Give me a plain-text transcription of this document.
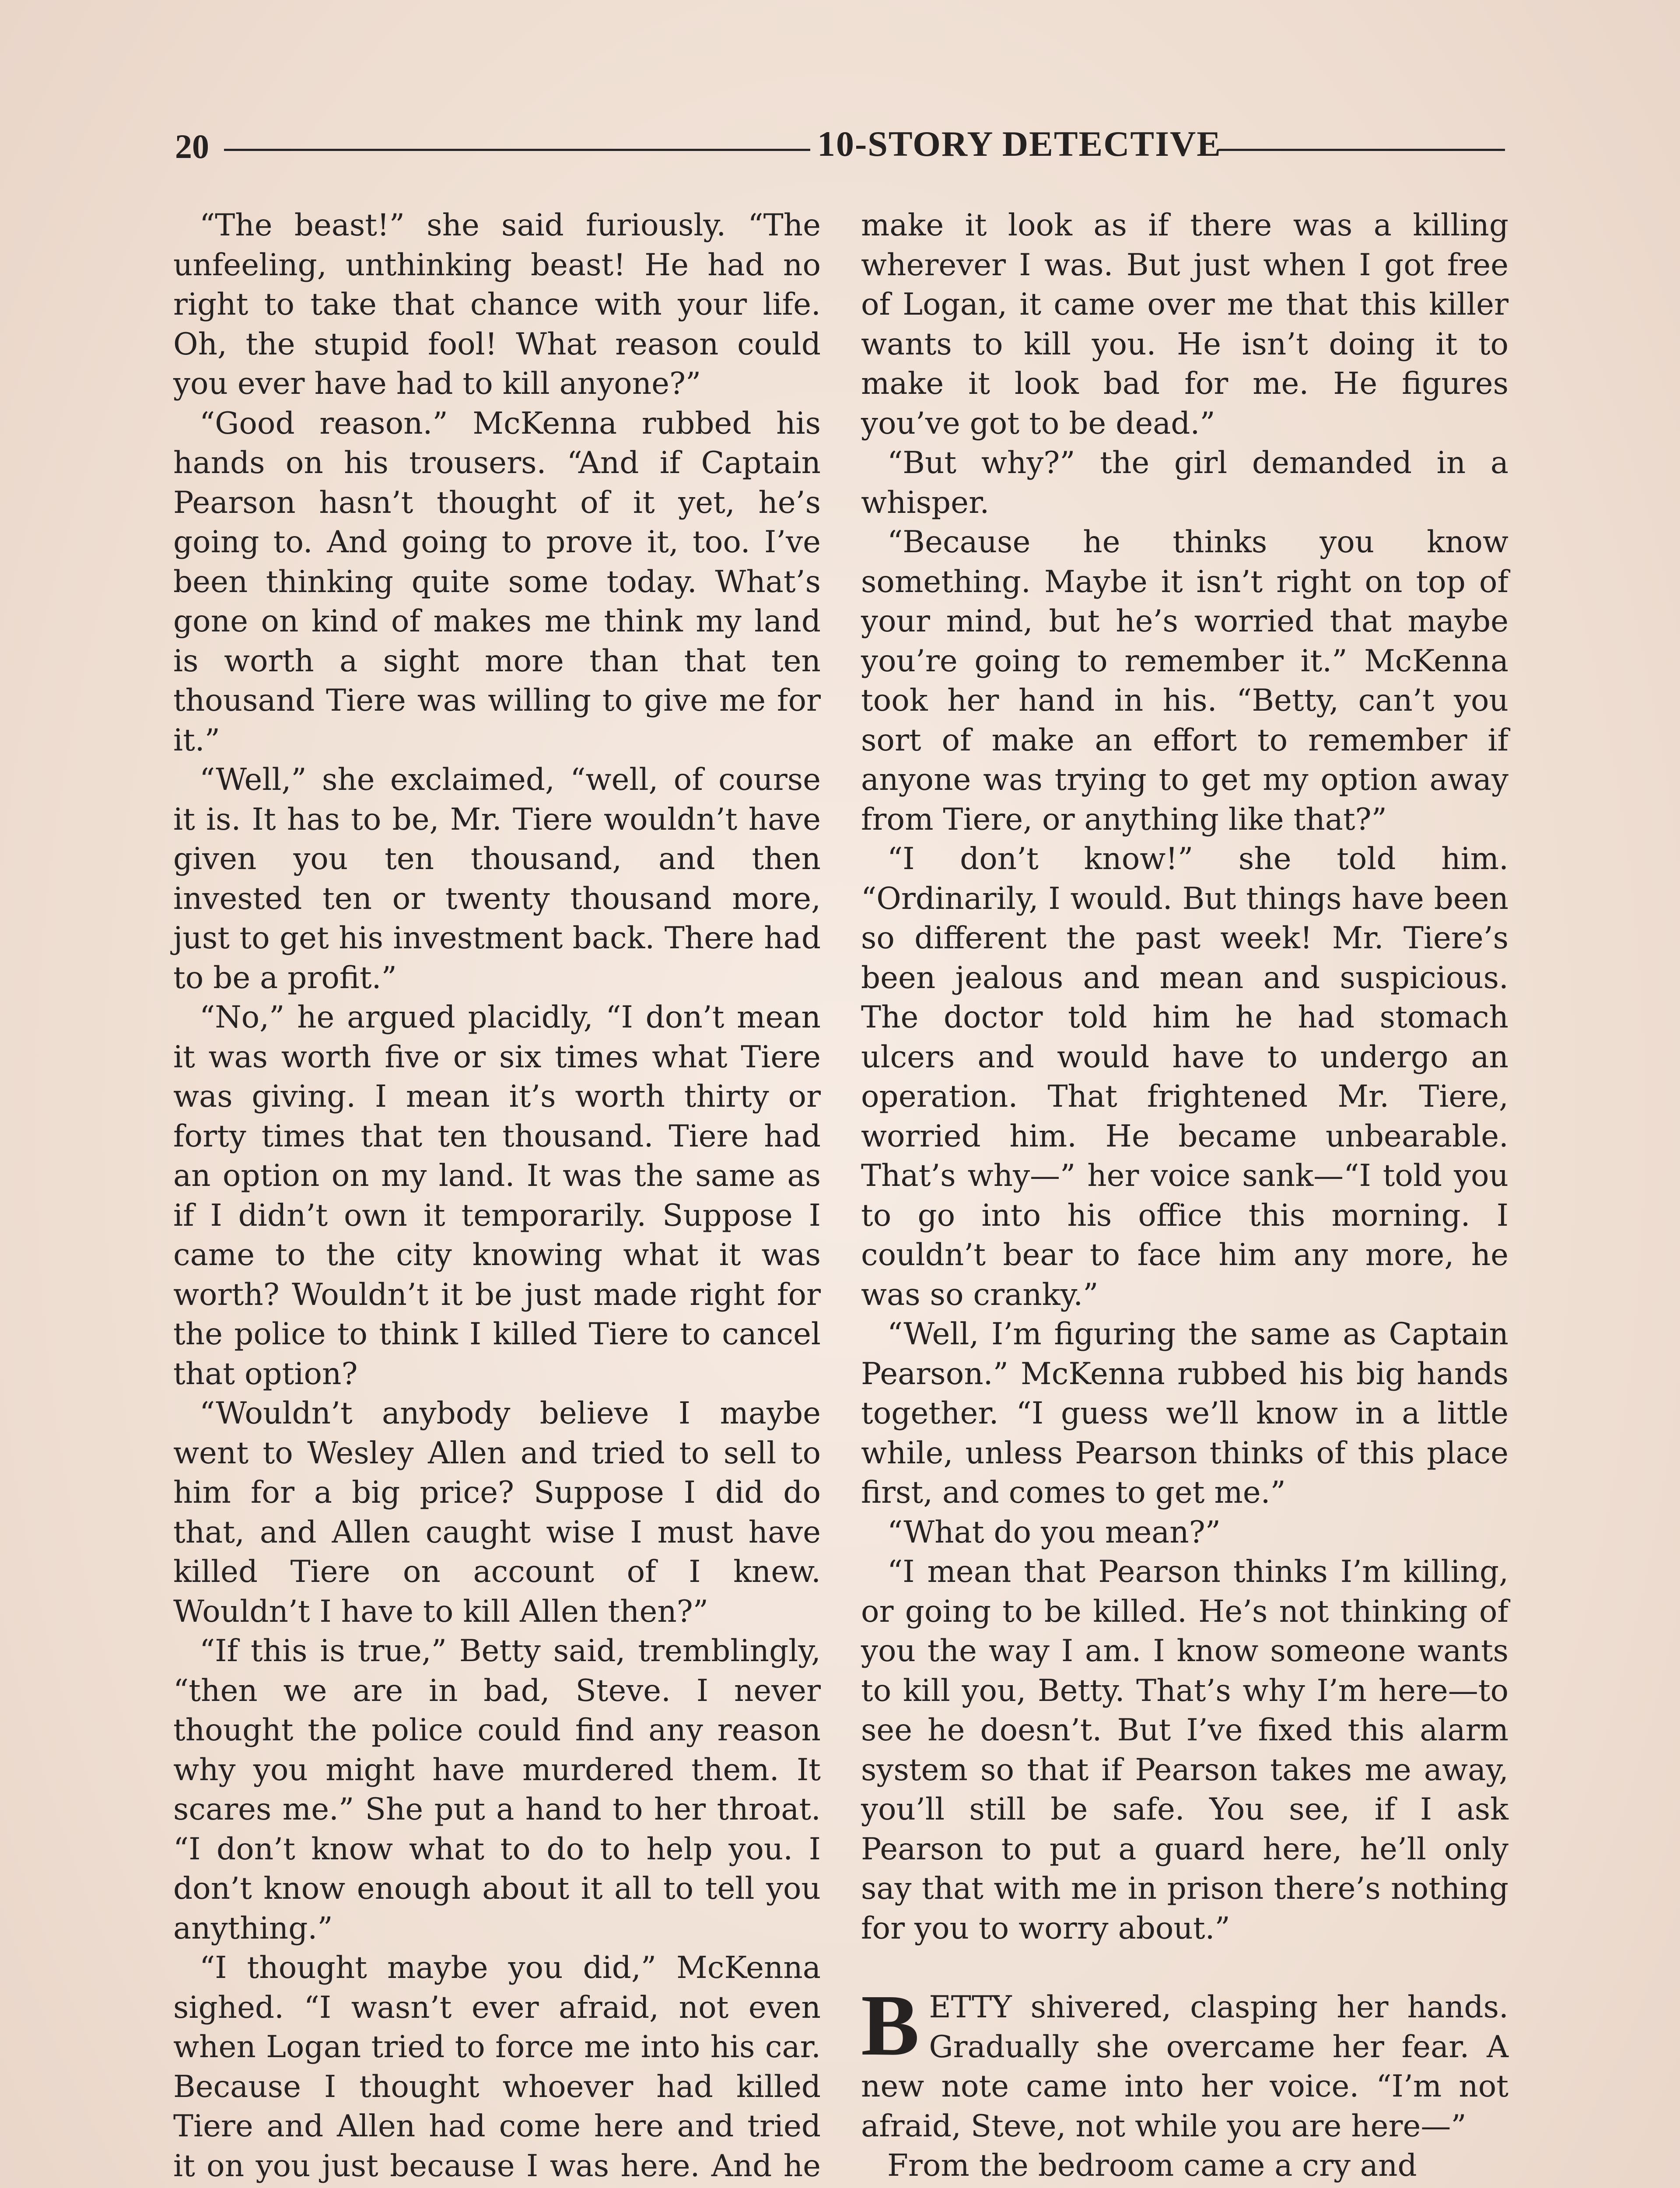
20	10-STORY DETECTIVE

“The beast!” she said furiously. “The unfeeling, unthinking beast! He had no right to take that chance with your life. Oh, the stupid fool! What reason could you ever have had to kill anyone?”

“Good reason.” McKenna rubbed his hands on his trousers. “And if Captain Pearson hasn’t thought of it yet, he’s going to. And going to prove it, too. I’ve been thinking quite some today. What’s gone on kind of makes me think my land is worth a sight more than that ten thousand Tiere was willing to give me for it.”

“Well,” she exclaimed, “well, of course it is. It has to be, Mr. Tiere wouldn’t have given you ten thousand, and then invested ten or twenty thousand more, just to get his investment back. There had to be a profit.”

“No,” he argued placidly, “I don’t mean it was worth five or six times what Tiere was giving. I mean it’s worth thirty or forty times that ten thousand. Tiere had an option on my land. It was the same as if I didn’t own it temporarily. Suppose I came to the city knowing what it was worth? Wouldn’t it be just made right for the police to think I killed Tiere to cancel that option?

“Wouldn’t anybody believe I maybe went to Wesley Allen and tried to sell to him for a big price? Suppose I did do that, and Allen caught wise I must have killed Tiere on account of I knew. Wouldn’t I have to kill Allen then?”

“If this is true,” Betty said, tremblingly, “then we are in bad, Steve. I never thought the police could find any reason why you might have murdered them. It scares me.” She put a hand to her throat. “I don’t know what to do to help you. I don’t know enough about it all to tell you anything.”

“I thought maybe you did,” McKenna sighed. “I wasn’t ever afraid, not even when Logan tried to force me into his car. Because I thought whoever had killed Tiere and Allen had come here and tried it on you just because I was here. And he

make it look as if there was a killing wherever I was. But just when I got free of Logan, it came over me that this killer wants to kill you. He isn’t doing it to make it look bad for me. He figures you’ve got to be dead.”

“But why?” the girl demanded in a whisper.

“Because he thinks you know something. Maybe it isn’t right on top of your mind, but he’s worried that maybe you’re going to remember it.” McKenna took her hand in his. “Betty, can’t you sort of make an effort to remember if anyone was trying to get my option away from Tiere, or anything like that?”

“I don’t know!” she told him. “Ordinarily, I would. But things have been so different the past week! Mr. Tiere’s been jealous and mean and suspicious. The doctor told him he had stomach ulcers and would have to undergo an operation. That frightened Mr. Tiere, worried him. He became unbearable. That’s why—” her voice sank—“I told you to go into his office this morning. I couldn’t bear to face him any more, he was so cranky.”

“Well, I’m figuring the same as Captain Pearson.” McKenna rubbed his big hands together. “I guess we’ll know in a little while, unless Pearson thinks of this place first, and comes to get me.”

“What do you mean?”

“I mean that Pearson thinks I’m killing, or going to be killed. He’s not thinking of you the way I am. I know someone wants to kill you, Betty. That’s why I’m here—to see he doesn’t. But I’ve fixed this alarm system so that if Pearson takes me away, you’ll still be safe. You see, if I ask Pearson to put a guard here, he’ll only say that with me in prison there’s nothing for you to worry about.”

BETTY shivered, clasping her hands. Gradually she overcame her fear. A new note came into her voice. “I’m not afraid, Steve, not while you are here—”

From the bedroom came a cry and
